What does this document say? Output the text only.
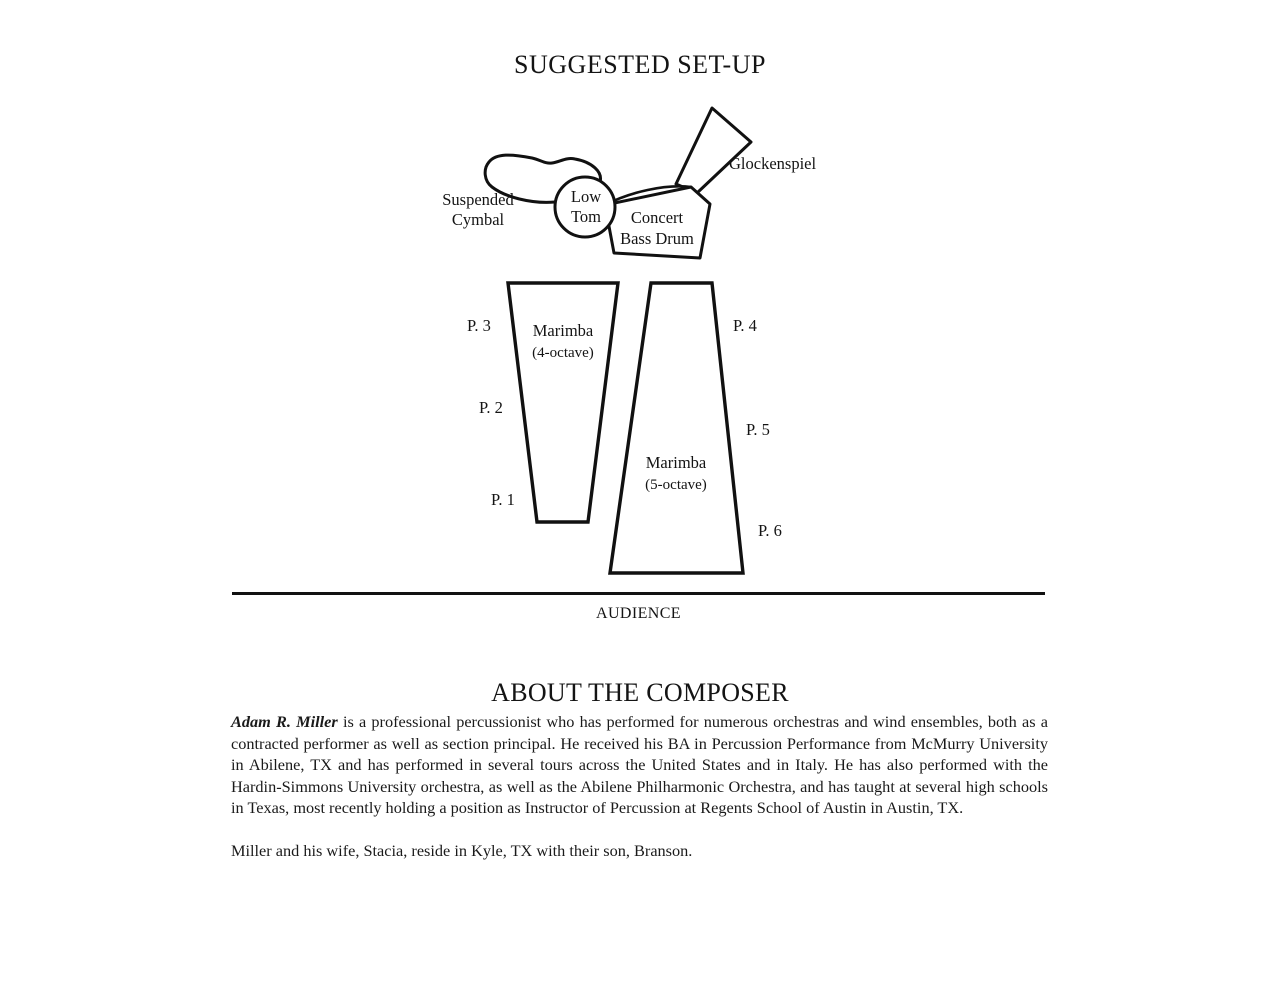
SUGGESTED SET-UP
Suspended
Cymbal
Low
Tom Concert
Bass Drum
Glockenspiel
Marimba
(4-octave)
Marimba
(5-octave)
P. 3
P. 2
P. 1
P. 4
P. 5
P. 6
AUDIENCE
ABOUT THE COMPOSER

Adam R. Miller is a professional percussionist who has performed for numerous orchestras and wind ensembles, both as a contracted performer as well as section principal. He received his BA in Percussion Performance from McMurry University in Abilene, TX and has performed in several tours across the United States and in Italy. He has also performed with the Hardin-Simmons University orchestra, as well as the Abilene Philharmonic Orchestra, and has taught at several high schools in Texas, most recently holding a position as Instructor of Percussion at Regents School of Austin in Austin, TX.

Miller and his wife, Stacia, reside in Kyle, TX with their son, Branson.
